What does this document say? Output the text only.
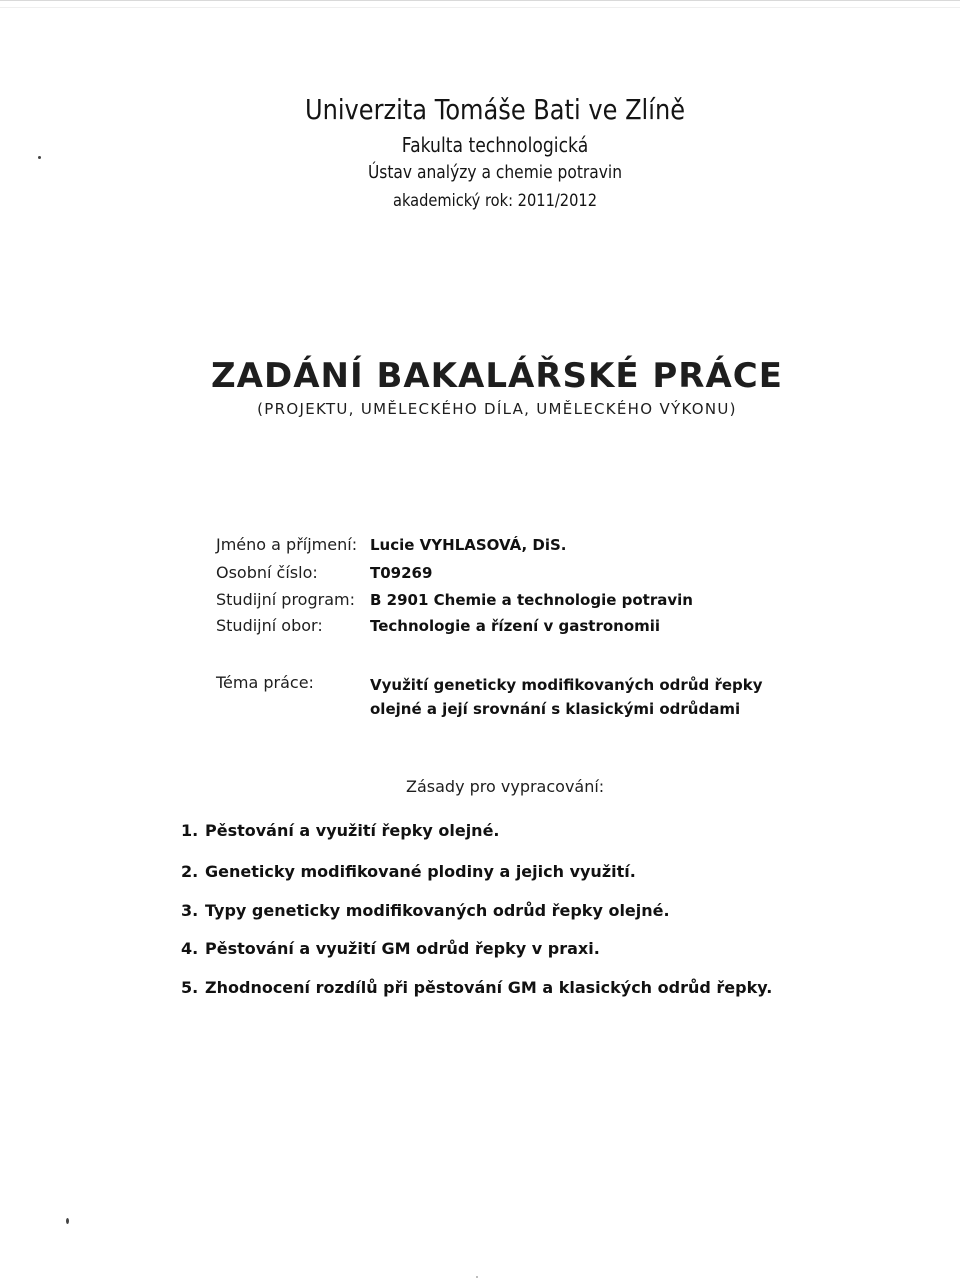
Univerzita Tomáše Bati ve Zlíně
Fakulta technologická
Ústav analýzy a chemie potravin
akademický rok: 2011/2012
ZADÁNÍ BAKALÁŘSKÉ PRÁCE
(PROJEKTU, UMĚLECKÉHO DÍLA, UMĚLECKÉHO VÝKONU)
Jméno a příjmení: Lucie VYHLASOVÁ, DiS.
Osobní číslo:	T09269
Studijní program: B 2901 Chemie a technologie potravin
Studijní obor:	Technologie a řízení v gastronomii
Téma práce:	Využití geneticky modifikovaných odrůd řepky
olejné a její srovnání s klasickými odrůdami
Zásady pro vypracování:
1. Pěstování a využití řepky olejné.
2. Geneticky modifikované plodiny a jejich využití.
3. Typy geneticky modifikovaných odrůd řepky olejné.
4. Pěstování a využití GM odrůd řepky v praxi.
5. Zhodnocení rozdílů při pěstování GM a klasických odrůd řepky.
